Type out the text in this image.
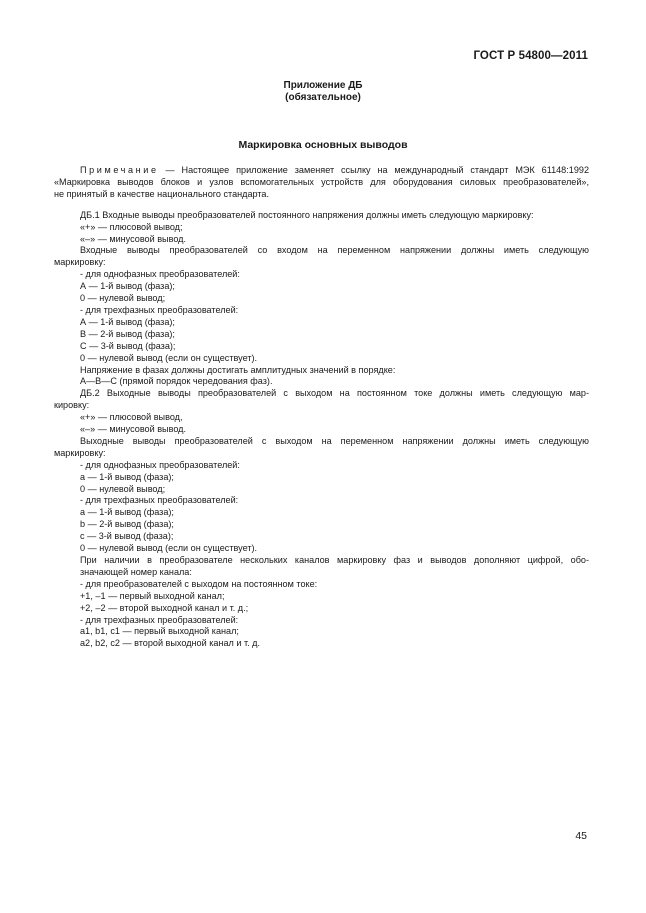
ГОСТ Р 54800—2011
Приложение ДБ
(обязательное)
Маркировка основных выводов

Примечание — Настоящее приложение заменяет ссылку на международный стандарт МЭК 61148:1992

«Маркировка выводов блоков и узлов вспомогательных устройств для оборудования силовых преобразователей»,

не принятый в качестве национального стандарта.

ДБ.1 Входные выводы преобразователей постоянного напряжения должны иметь следующую маркировку:

«+» — плюсовой вывод;

«–» — минусовой вывод.

Входные выводы преобразователей со входом на переменном напряжении должны иметь следующую

маркировку:

- для однофазных преобразователей:

А — 1-й вывод (фаза);

0 — нулевой вывод;

- для трехфазных преобразователей:

А — 1-й вывод (фаза);

В — 2-й вывод (фаза);

С — 3-й вывод (фаза);

0 — нулевой вывод (если он существует).

Напряжение в фазах должны достигать амплитудных значений в порядке:

А—В—С (прямой порядок чередования фаз).

ДБ.2 Выходные выводы преобразователей с выходом на постоянном токе должны иметь следующую мар-

кировку:

«+» — плюсовой вывод,

«–» — минусовой вывод.

Выходные выводы преобразователей с выходом на переменном напряжении должны иметь следующую

маркировку:

- для однофазных преобразователей:

а — 1-й вывод (фаза);

0 — нулевой вывод;

- для трехфазных преобразователей:

а — 1-й вывод (фаза);

b — 2-й вывод (фаза);

с — 3-й вывод (фаза);

0 — нулевой вывод (если он существует).

При наличии в преобразователе нескольких каналов маркировку фаз и выводов дополняют цифрой, обо-

значающей номер канала:

- для преобразователей с выходом на постоянном токе:

+1, –1 — первый выходной канал;

+2, –2 — второй выходной канал и т. д.;

- для трехфазных преобразователей:

a1, b1, c1 — первый выходной канал;

a2, b2, c2 — второй выходной канал и т. д.

45
